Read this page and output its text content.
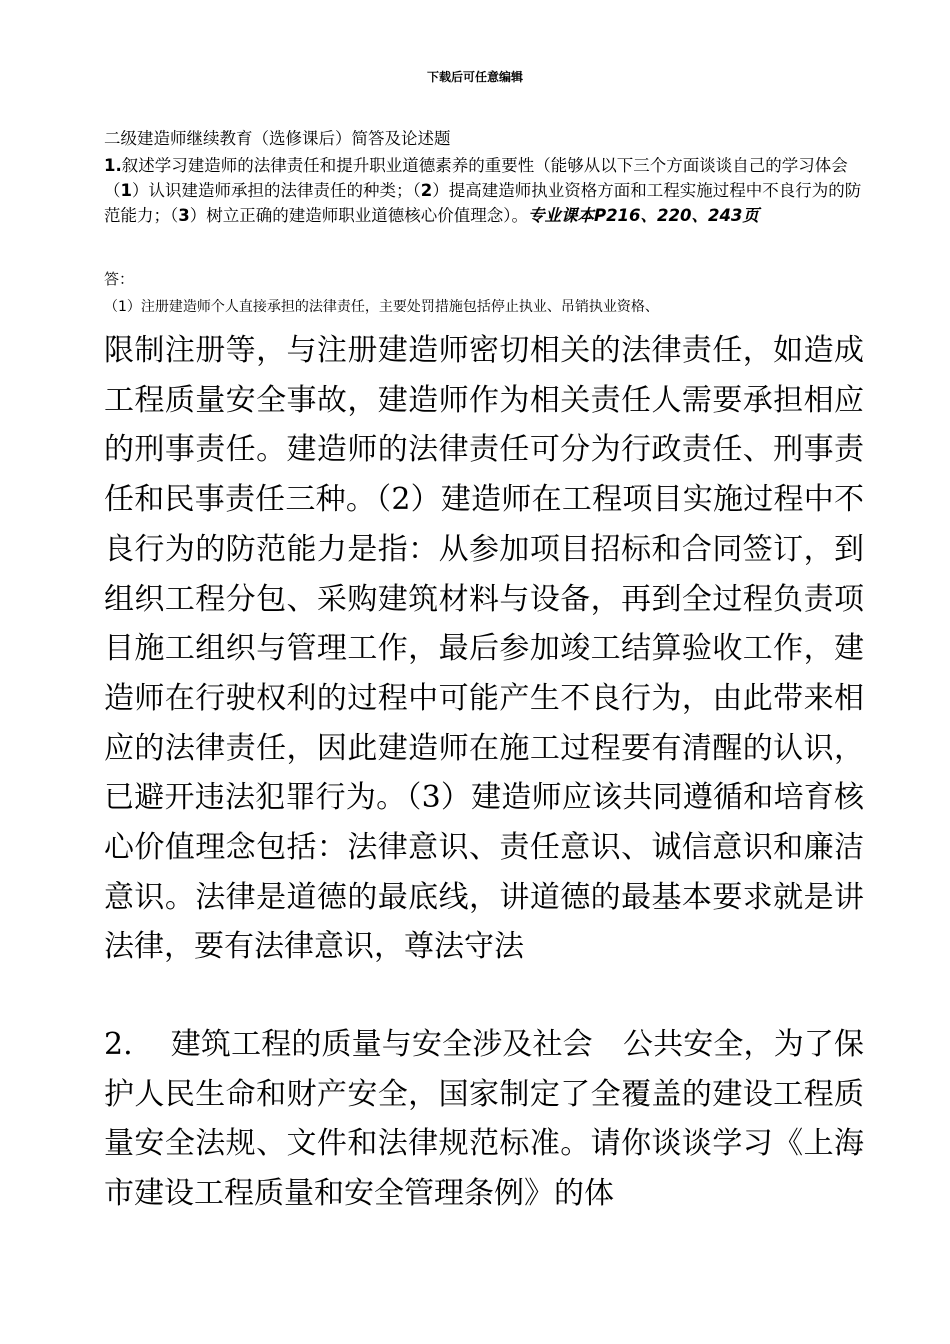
下载后可任意编辑
二级建造师继续教育（选修课后）简答及论述题
1.叙述学习建造师的法律责任和提升职业道德素养的重要性（能够从以下三个方面谈谈自己的学习体会（1）认识建造师承担的法律责任的种类；（2）提高建造师执业资格方面和工程实施过程中不良行为的防范能力；（3）树立正确的建造师职业道德核心价值理念）。专业课本P216、220、243页
答：
（1）注册建造师个人直接承担的法律责任，主要处罚措施包括停止执业、吊销执业资格、
限制注册等，与注册建造师密切相关的法律责任，如造成工程质量安全事故，建造师作为相关责任人需要承担相应的刑事责任。建造师的法律责任可分为行政责任、刑事责任和民事责任三种。（2）建造师在工程项目实施过程中不良行为的防范能力是指：从参加项目招标和合同签订，到组织工程分包、采购建筑材料与设备，再到全过程负责项目施工组织与管理工作，最后参加竣工结算验收工作，建造师在行驶权利的过程中可能产生不良行为，由此带来相应的法律责任，因此建造师在施工过程要有清醒的认识，已避开违法犯罪行为。（3）建造师应该共同遵循和培育核心价值理念包括：法律意识、责任意识、诚信意识和廉洁意识。法律是道德的最底线，讲道德的最基本要求就是讲法律，要有法律意识，尊法守法
2. 建筑工程的质量与安全涉及社会　公共安全，为了保护人民生命和财产安全，国家制定了全覆盖的建设工程质量安全法规、文件和法律规范标准。请你谈谈学习《上海市建设工程质量和安全管理条例》的体
